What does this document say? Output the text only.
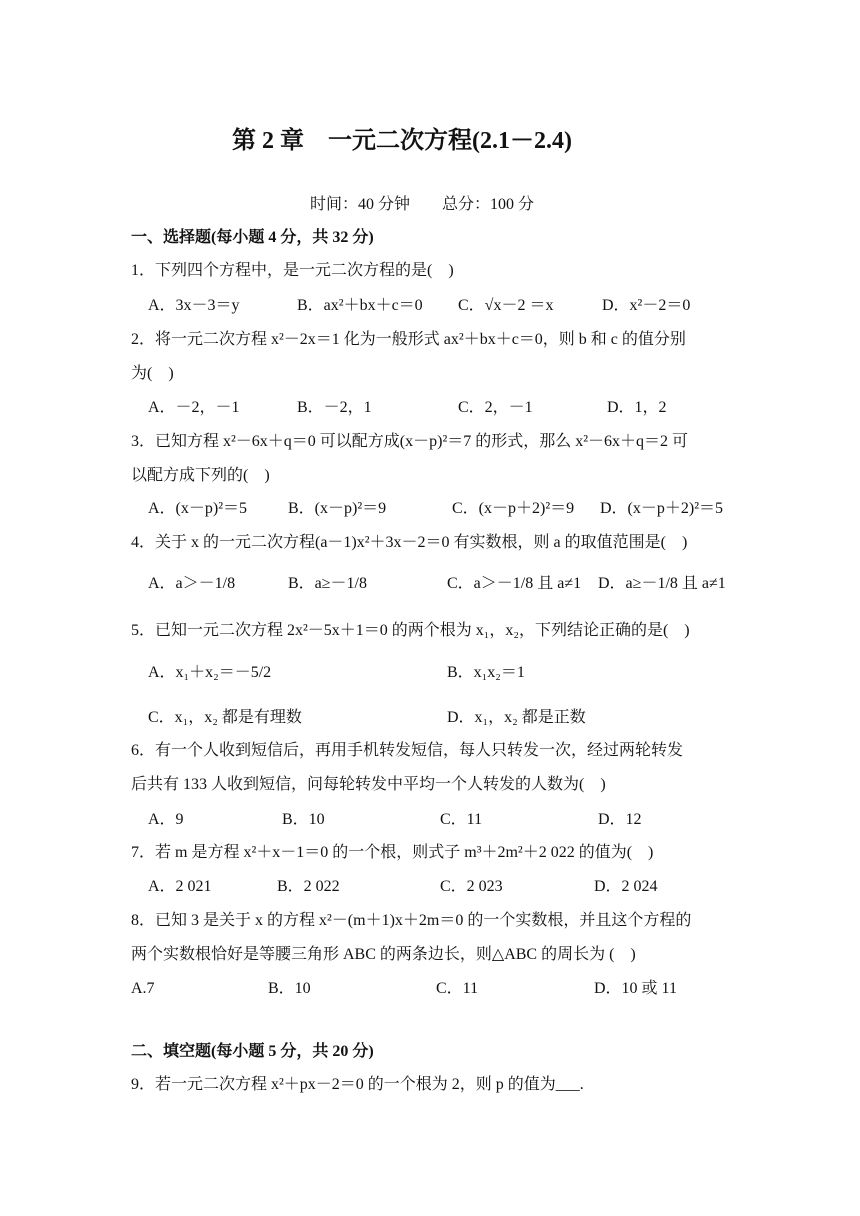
第 2 章　一元二次方程(2.1－2.4)
时间：40 分钟　　总分：100 分
一、选择题(每小题 4 分，共 32 分)
1．下列四个方程中，是一元二次方程的是(　)
A．3x－3＝y	B．ax²＋bx＋c＝0 C．√x－2 ＝x	D．x²－2＝0
2．将一元二次方程 x²－2x＝1 化为一般形式 ax²＋bx＋c＝0，则 b 和 c 的值分别
为(　)
A．－2，－1	B．－2，1	C．2，－1	D．1，2
3．已知方程 x²－6x＋q＝0 可以配方成(x－p)²＝7 的形式，那么 x²－6x＋q＝2 可
以配方成下列的(　)
A．(x－p)²＝5	B．(x－p)²＝9	C．(x－p＋2)²＝9 D．(x－p＋2)²＝5
4．关于 x 的一元二次方程(a－1)x²＋3x－2＝0 有实数根，则 a 的取值范围是(　)
A．a＞－1/8	B．a≥－1/8	C．a＞－1/8 且 a≠1 D．a≥－1/8 且 a≠1
5．已知一元二次方程 2x²－5x＋1＝0 的两个根为 x₁，x₂，下列结论正确的是(　)
A．x₁＋x₂＝－5/2	B．x₁x₂＝1
C．x₁，x₂ 都是有理数	D．x₁，x₂ 都是正数
6．有一个人收到短信后，再用手机转发短信，每人只转发一次，经过两轮转发
后共有 133 人收到短信，问每轮转发中平均一个人转发的人数为(　)
A．9	B．10	C．11	D．12
7．若 m 是方程 x²＋x－1＝0 的一个根，则式子 m³＋2m²＋2 022 的值为(　)
A．2 021	B．2 022	C．2 023	D．2 024
8．已知 3 是关于 x 的方程 x²－(m＋1)x＋2m＝0 的一个实数根，并且这个方程的
两个实数根恰好是等腰三角形 ABC 的两条边长，则△ABC 的周长为 (　)
A.7	B．10	C．11	D．10 或 11
二、填空题(每小题 5 分，共 20 分)
9．若一元二次方程 x²＋px－2＝0 的一个根为 2，则 p 的值为___.
